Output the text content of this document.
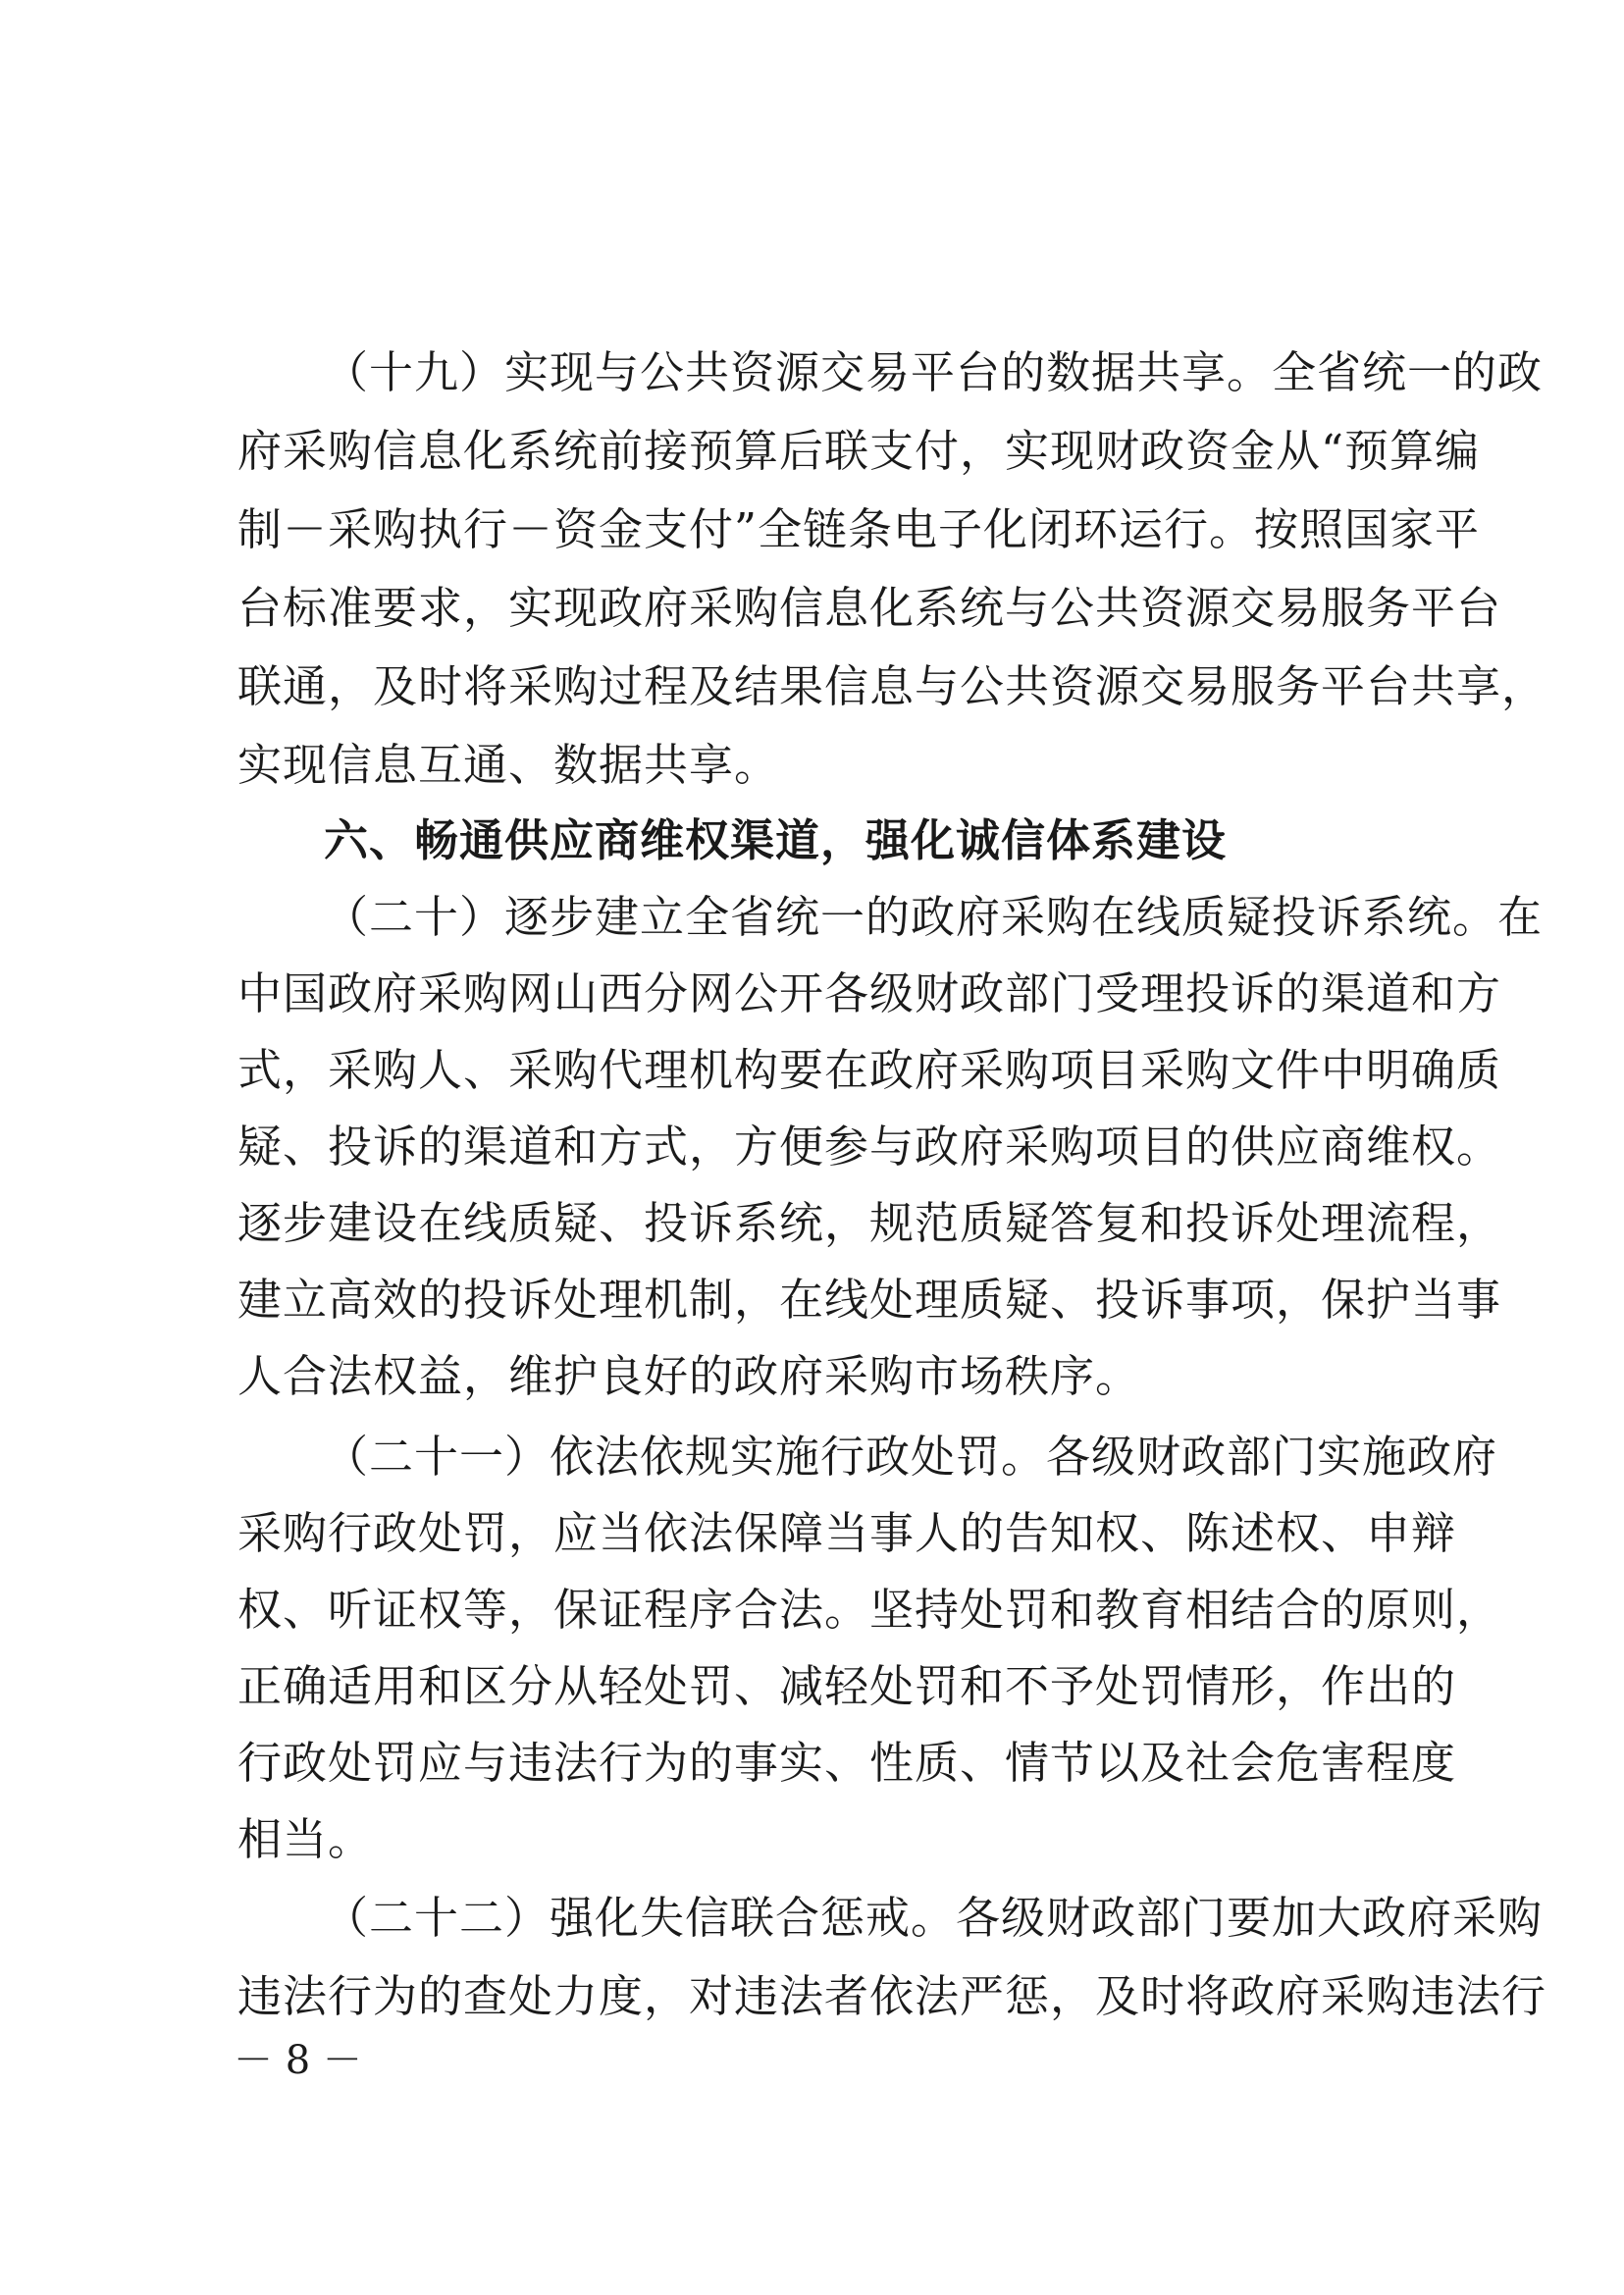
（十九）实现与公共资源交易平台的数据共享。全省统一的政

府采购信息化系统前接预算后联支付，实现财政资金从“预算编

制－采购执行－资金支付”全链条电子化闭环运行。按照国家平

台标准要求，实现政府采购信息化系统与公共资源交易服务平台

联通，及时将采购过程及结果信息与公共资源交易服务平台共享，

实现信息互通、数据共享。

六、畅通供应商维权渠道，强化诚信体系建设

（二十）逐步建立全省统一的政府采购在线质疑投诉系统。在

中国政府采购网山西分网公开各级财政部门受理投诉的渠道和方

式，采购人、采购代理机构要在政府采购项目采购文件中明确质

疑、投诉的渠道和方式，方便参与政府采购项目的供应商维权。

逐步建设在线质疑、投诉系统，规范质疑答复和投诉处理流程，

建立高效的投诉处理机制，在线处理质疑、投诉事项，保护当事

人合法权益，维护良好的政府采购市场秩序。

（二十一）依法依规实施行政处罚。各级财政部门实施政府

采购行政处罚，应当依法保障当事人的告知权、陈述权、申辩

权、听证权等，保证程序合法。坚持处罚和教育相结合的原则，

正确适用和区分从轻处罚、减轻处罚和不予处罚情形，作出的

行政处罚应与违法行为的事实、性质、情节以及社会危害程度

相当。

（二十二）强化失信联合惩戒。各级财政部门要加大政府采购

违法行为的查处力度，对违法者依法严惩，及时将政府采购违法行

－ 8 －
